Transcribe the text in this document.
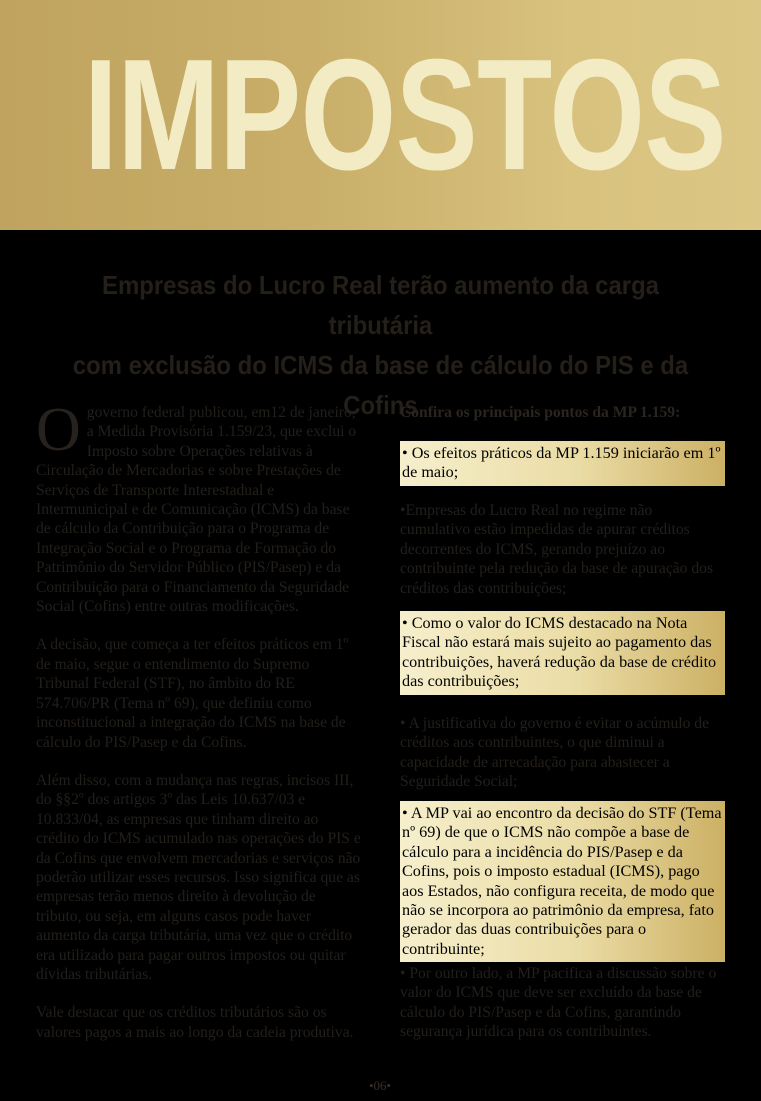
IMPOSTOS
Empresas do Lucro Real terão aumento da carga tributária
com exclusão do ICMS da base de cálculo do PIS e da Cofins

O governo federal publicou, em12 de janeiro, a Medida Provisória 1.159/23, que exclui o Imposto sobre Operações relativas à Circulação de Mercadorias e sobre Prestações de Serviços de Transporte Interestadual e Intermunicipal e de Comunicação (ICMS) da base de cálculo da Contribuição para o Programa de Integração Social e o Programa de Formação do Patrimônio do Servidor Público (PIS/Pasep) e da Contribuição para o Financiamento da Seguridade Social (Cofins) entre outras modificações.

A decisão, que começa a ter efeitos práticos em 1º de maio, segue o entendimento do Supremo Tribunal Federal (STF), no âmbito do RE 574.706/PR (Tema nº 69), que definiu como inconstitucional a integração do ICMS na base de cálculo do PIS/Pasep e da Cofins.

Além disso, com a mudança nas regras, incisos III, do §§2º dos artigos 3º das Leis 10.637/03 e 10.833/04, as empresas que tinham direito ao crédito do ICMS acumulado nas operações do PIS e da Cofins que envolvem mercadorias e serviços não poderão utilizar esses recursos. Isso significa que as empresas terão menos direito à devolução de tributo, ou seja, em alguns casos pode haver aumento da carga tributária, uma vez que o crédito era utilizado para pagar outros impostos ou quitar dívidas tributárias.

Vale destacar que os créditos tributários são os valores pagos a mais ao longo da cadeia produtiva.

Confira os principais pontos da MP 1.159:
• Os efeitos práticos da MP 1.159 iniciarão em 1º de maio;
•Empresas do Lucro Real no regime não cumulativo estão impedidas de apurar créditos decorrentes do ICMS, gerando prejuízo ao contribuinte pela redução da base de apuração dos créditos das contribuições;
• Como o valor do ICMS destacado na Nota Fiscal não estará mais sujeito ao pagamento das contribuições, haverá redução da base de crédito das contribuições;
• A justificativa do governo é evitar o acúmulo de créditos aos contribuintes, o que diminui a capacidade de arrecadação para abastecer a Seguridade Social;
• A MP vai ao encontro da decisão do STF (Tema nº 69) de que o ICMS não compõe a base de cálculo para a incidência do PIS/Pasep e da Cofins, pois o imposto estadual (ICMS), pago aos Estados, não configura receita, de modo que não se incorpora ao patrimônio da empresa, fato gerador das duas contribuições para o contribuinte;
• Por outro lado, a MP pacifica a discussão sobre o valor do ICMS que deve ser excluído da base de cálculo do PIS/Pasep e da Cofins, garantindo segurança jurídica para os contribuintes.
•06•
